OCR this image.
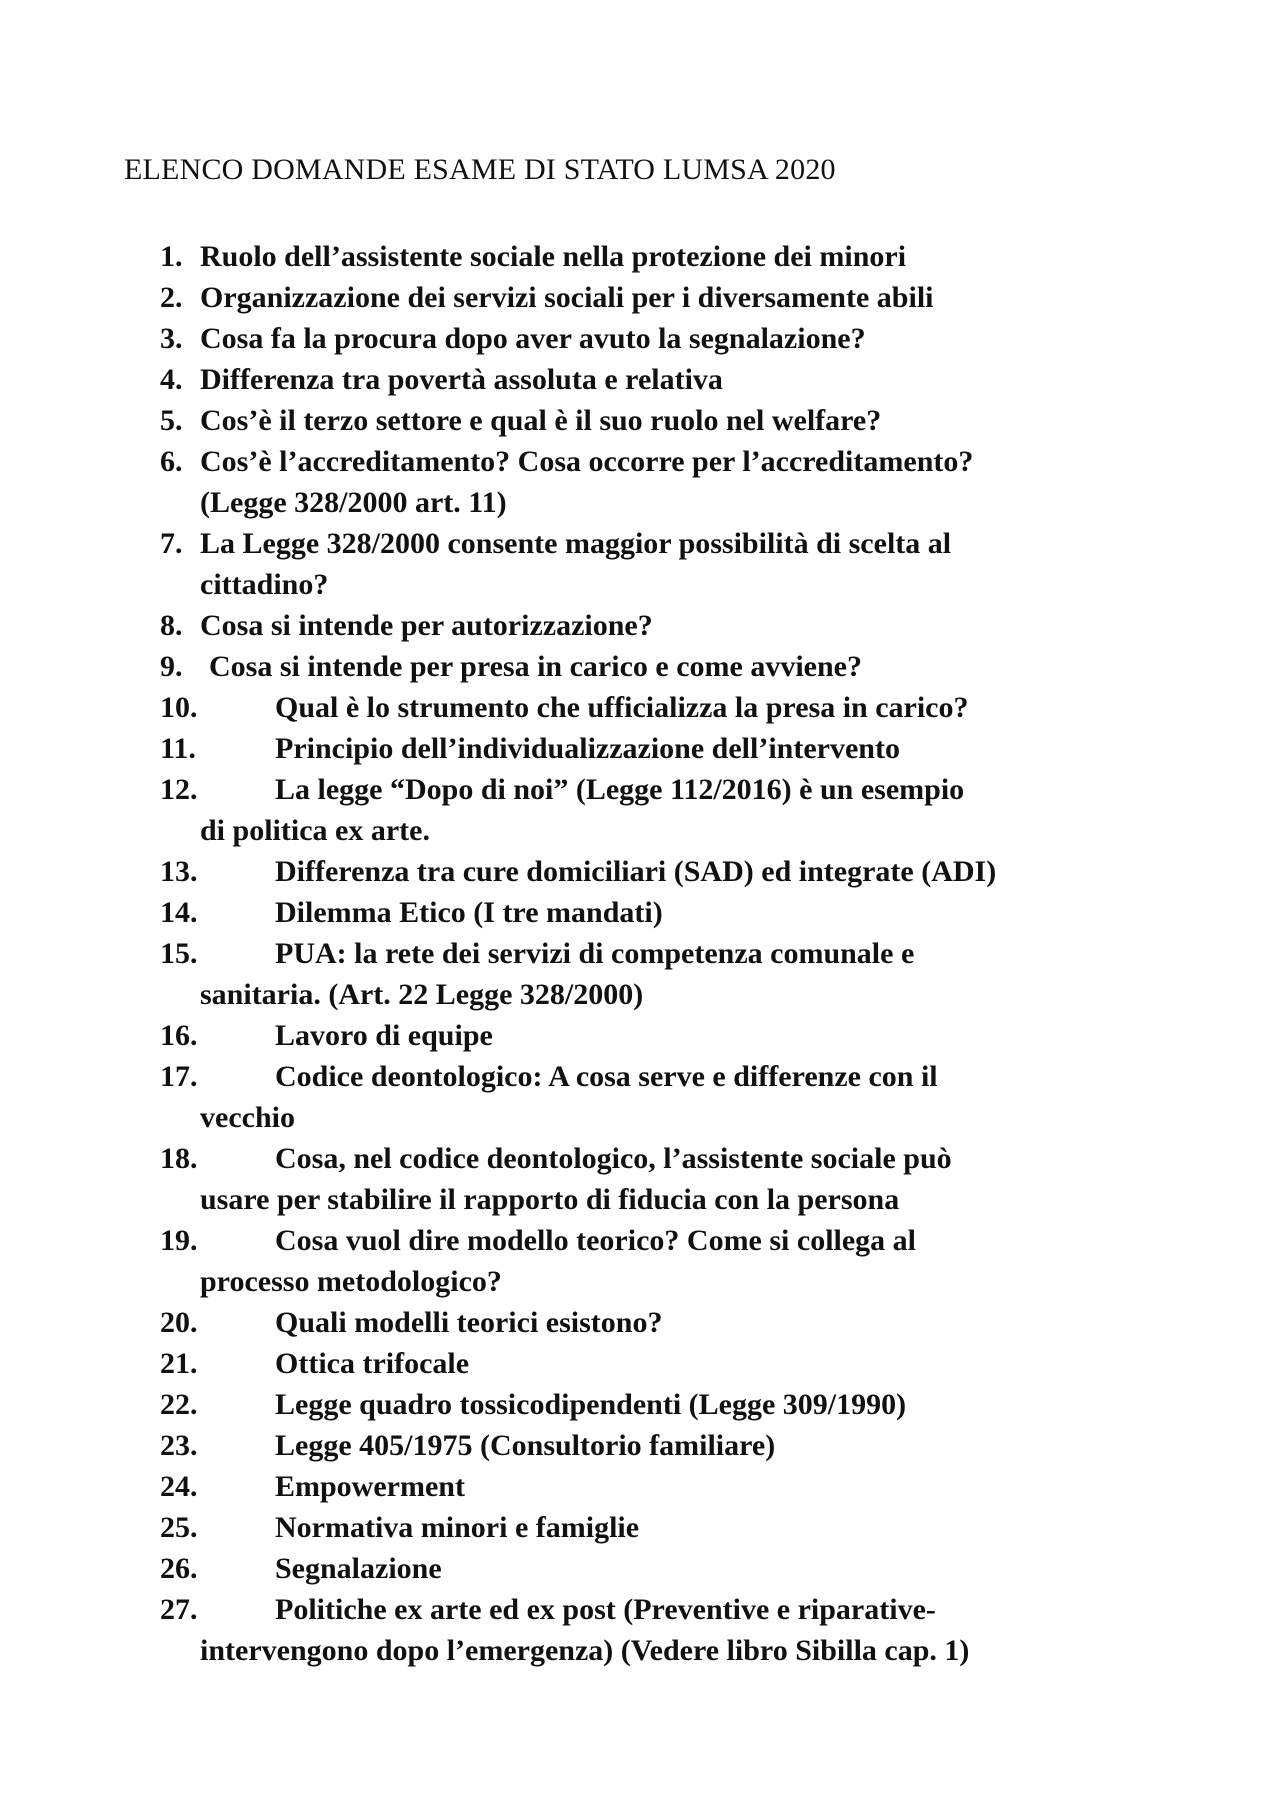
ELENCO DOMANDE ESAME DI STATO LUMSA 2020
1. Ruolo dell’assistente sociale nella protezione dei minori
2. Organizzazione dei servizi sociali per i diversamente abili
3. Cosa fa la procura dopo aver avuto la segnalazione?
4. Differenza tra povertà assoluta e relativa
5. Cos’è il terzo settore e qual è il suo ruolo nel welfare?
6. Cos’è l’accreditamento? Cosa occorre per l’accreditamento?
(Legge 328/2000 art. 11)
7. La Legge 328/2000 consente maggior possibilità di scelta al
cittadino?
8. Cosa si intende per autorizzazione?
9. Cosa si intende per presa in carico e come avviene?
10.	Qual è lo strumento che ufficializza la presa in carico?
11.	Principio dell’individualizzazione dell’intervento
12.	La legge “Dopo di noi” (Legge 112/2016) è un esempio
di politica ex arte.
13.	Differenza tra cure domiciliari (SAD) ed integrate (ADI)
14.	Dilemma Etico (I tre mandati)
15.	PUA: la rete dei servizi di competenza comunale e
sanitaria. (Art. 22 Legge 328/2000)
16.	Lavoro di equipe
17.	Codice deontologico: A cosa serve e differenze con il
vecchio
18.	Cosa, nel codice deontologico, l’assistente sociale può
usare per stabilire il rapporto di fiducia con la persona
19.	Cosa vuol dire modello teorico? Come si collega al
processo metodologico?
20.	Quali modelli teorici esistono?
21.	Ottica trifocale
22.	Legge quadro tossicodipendenti (Legge 309/1990)
23.	Legge 405/1975 (Consultorio familiare)
24.	Empowerment
25.	Normativa minori e famiglie
26.	Segnalazione
27.	Politiche ex arte ed ex post (Preventive e riparative-
intervengono dopo l’emergenza) (Vedere libro Sibilla cap. 1)
